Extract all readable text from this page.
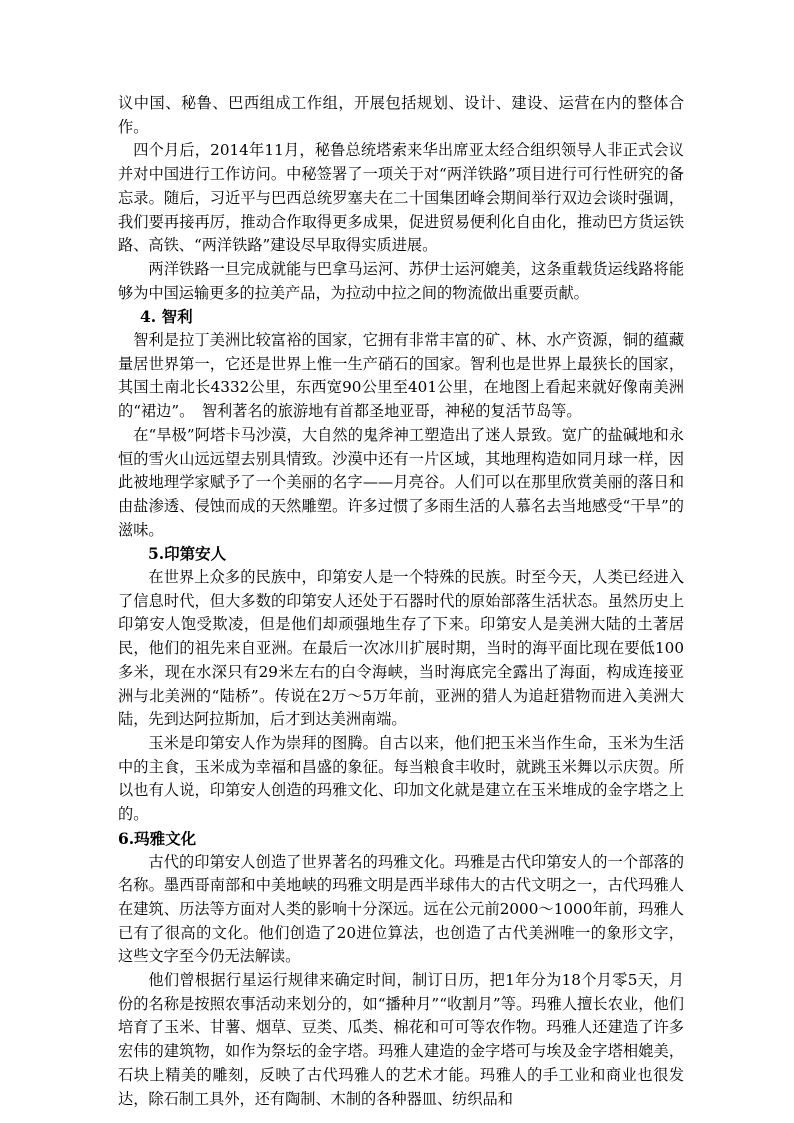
议中国、秘鲁、巴西组成工作组，开展包括规划、设计、建设、运营在内的整体合作。

四个月后，2014年11月，秘鲁总统塔索来华出席亚太经合组织领导人非正式会议并对中国进行工作访问。中秘签署了一项关于对“两洋铁路”项目进行可行性研究的备忘录。随后，习近平与巴西总统罗塞夫在二十国集团峰会期间举行双边会谈时强调，我们要再接再厉，推动合作取得更多成果，促进贸易便利化自由化，推动巴方货运铁路、高铁、“两洋铁路”建设尽早取得实质进展。

两洋铁路一旦完成就能与巴拿马运河、苏伊士运河媲美，这条重载货运线路将能够为中国运输更多的拉美产品，为拉动中拉之间的物流做出重要贡献。

4. 智利

智利是拉丁美洲比较富裕的国家，它拥有非常丰富的矿、林、水产资源，铜的蕴藏量居世界第一，它还是世界上惟一生产硝石的国家。智利也是世界上最狭长的国家，其国土南北长4332公里，东西宽90公里至401公里，在地图上看起来就好像南美洲的“裙边”。　智利著名的旅游地有首都圣地亚哥，神秘的复活节岛等。

在“旱极”阿塔卡马沙漠，大自然的鬼斧神工塑造出了迷人景致。宽广的盐碱地和永恒的雪火山远远望去别具情致。沙漠中还有一片区域，其地理构造如同月球一样，因此被地理学家赋予了一个美丽的名字——月亮谷。人们可以在那里欣赏美丽的落日和由盐渗透、侵蚀而成的天然雕塑。许多过惯了多雨生活的人慕名去当地感受“干旱”的滋味。

5.印第安人

在世界上众多的民族中，印第安人是一个特殊的民族。时至今天，人类已经进入了信息时代，但大多数的印第安人还处于石器时代的原始部落生活状态。虽然历史上印第安人饱受欺凌，但是他们却顽强地生存了下来。印第安人是美洲大陆的土著居民，他们的祖先来自亚洲。在最后一次冰川扩展时期，当时的海平面比现在要低100多米，现在水深只有29米左右的白令海峡，当时海底完全露出了海面，构成连接亚洲与北美洲的“陆桥”。传说在2万～5万年前，亚洲的猎人为追赶猎物而进入美洲大陆，先到达阿拉斯加，后才到达美洲南端。

玉米是印第安人作为崇拜的图腾。自古以来，他们把玉米当作生命，玉米为生活中的主食，玉米成为幸福和昌盛的象征。每当粮食丰收时，就跳玉米舞以示庆贺。所以也有人说，印第安人创造的玛雅文化、印加文化就是建立在玉米堆成的金字塔之上的。

6.玛雅文化

古代的印第安人创造了世界著名的玛雅文化。玛雅是古代印第安人的一个部落的名称。墨西哥南部和中美地峡的玛雅文明是西半球伟大的古代文明之一，古代玛雅人在建筑、历法等方面对人类的影响十分深远。远在公元前2000～1000年前，玛雅人已有了很高的文化。他们创造了20进位算法，也创造了古代美洲唯一的象形文字，这些文字至今仍无法解读。

他们曾根据行星运行规律来确定时间，制订日历，把1年分为18个月零5天，月份的名称是按照农事活动来划分的，如“播种月”“收割月”等。玛雅人擅长农业，他们培育了玉米、甘薯、烟草、豆类、瓜类、棉花和可可等农作物。玛雅人还建造了许多宏伟的建筑物，如作为祭坛的金字塔。玛雅人建造的金字塔可与埃及金字塔相媲美，石块上精美的雕刻，反映了古代玛雅人的艺术才能。玛雅人的手工业和商业也很发达，除石制工具外，还有陶制、木制的各种器皿、纺织品和
